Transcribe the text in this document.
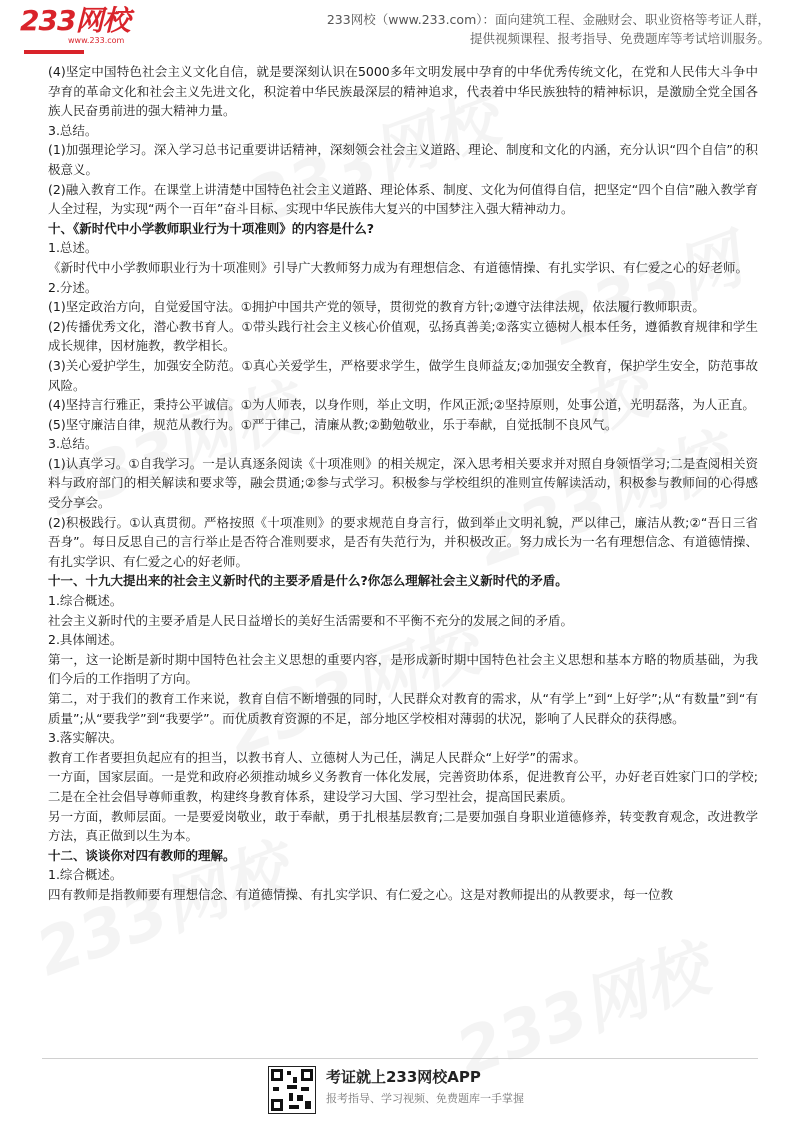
233网校
www.233.com
233网校（www.233.com）：面向建筑工程、金融财会、职业资格等考证人群，
提供视频课程、报考指导、免费题库等考试培训服务。

(4)坚定中国特色社会主义文化自信，就是要深刻认识在5000多年文明发展中孕育的中华优秀传统文化，在党和人民伟大斗争中孕育的革命文化和社会主义先进文化，积淀着中华民族最深层的精神追求，代表着中华民族独特的精神标识，是激励全党全国各族人民奋勇前进的强大精神力量。

3.总结。

(1)加强理论学习。深入学习总书记重要讲话精神，深刻领会社会主义道路、理论、制度和文化的内涵，充分认识“四个自信”的积极意义。

(2)融入教育工作。在课堂上讲清楚中国特色社会主义道路、理论体系、制度、文化为何值得自信，把坚定“四个自信”融入教学育人全过程，为实现“两个一百年”奋斗目标、实现中华民族伟大复兴的中国梦注入强大精神动力。

十、《新时代中小学教师职业行为十项准则》的内容是什么?

1.总述。

《新时代中小学教师职业行为十项准则》引导广大教师努力成为有理想信念、有道德情操、有扎实学识、有仁爱之心的好老师。

2.分述。

(1)坚定政治方向，自觉爱国守法。①拥护中国共产党的领导，贯彻党的教育方针;②遵守法律法规，依法履行教师职责。

(2)传播优秀文化，潜心教书育人。①带头践行社会主义核心价值观，弘扬真善美;②落实立德树人根本任务，遵循教育规律和学生成长规律，因材施教，教学相长。

(3)关心爱护学生，加强安全防范。①真心关爱学生，严格要求学生，做学生良师益友;②加强安全教育，保护学生安全，防范事故风险。

(4)坚持言行雅正，秉持公平诚信。①为人师表，以身作则，举止文明，作风正派;②坚持原则，处事公道，光明磊落，为人正直。

(5)坚守廉洁自律，规范从教行为。①严于律己，清廉从教;②勤勉敬业，乐于奉献，自觉抵制不良风气。

3.总结。

(1)认真学习。①自我学习。一是认真逐条阅读《十项准则》的相关规定，深入思考相关要求并对照自身领悟学习;二是查阅相关资料与政府部门的相关解读和要求等，融会贯通;②参与式学习。积极参与学校组织的准则宣传解读活动，积极参与教师间的心得感受分享会。

(2)积极践行。①认真贯彻。严格按照《十项准则》的要求规范自身言行，做到举止文明礼貌，严以律己，廉洁从教;②“吾日三省吾身”。每日反思自己的言行举止是否符合准则要求，是否有失范行为，并积极改正。努力成长为一名有理想信念、有道德情操、有扎实学识、有仁爱之心的好老师。

十一、十九大提出来的社会主义新时代的主要矛盾是什么?你怎么理解社会主义新时代的矛盾。

1.综合概述。

社会主义新时代的主要矛盾是人民日益增长的美好生活需要和不平衡不充分的发展之间的矛盾。

2.具体阐述。

第一，这一论断是新时期中国特色社会主义思想的重要内容，是形成新时期中国特色社会主义思想和基本方略的物质基础，为我们今后的工作指明了方向。

第二，对于我们的教育工作来说，教育自信不断增强的同时，人民群众对教育的需求，从“有学上”到“上好学”;从“有数量”到“有质量”;从“要我学”到“我要学”。而优质教育资源的不足，部分地区学校相对薄弱的状况，影响了人民群众的获得感。

3.落实解决。

教育工作者要担负起应有的担当，以教书育人、立德树人为己任，满足人民群众“上好学”的需求。

一方面，国家层面。一是党和政府必须推动城乡义务教育一体化发展，完善资助体系，促进教育公平，办好老百姓家门口的学校;二是在全社会倡导尊师重教，构建终身教育体系，建设学习大国、学习型社会，提高国民素质。

另一方面，教师层面。一是要爱岗敬业，敢于奉献，勇于扎根基层教育;二是要加强自身职业道德修养，转变教育观念，改进教学方法，真正做到以生为本。

十二、谈谈你对四有教师的理解。

1.综合概述。

四有教师是指教师要有理想信念、有道德情操、有扎实学识、有仁爱之心。这是对教师提出的从教要求，每一位教

考证就上233网校APP
报考指导、学习视频、免费题库一手掌握
